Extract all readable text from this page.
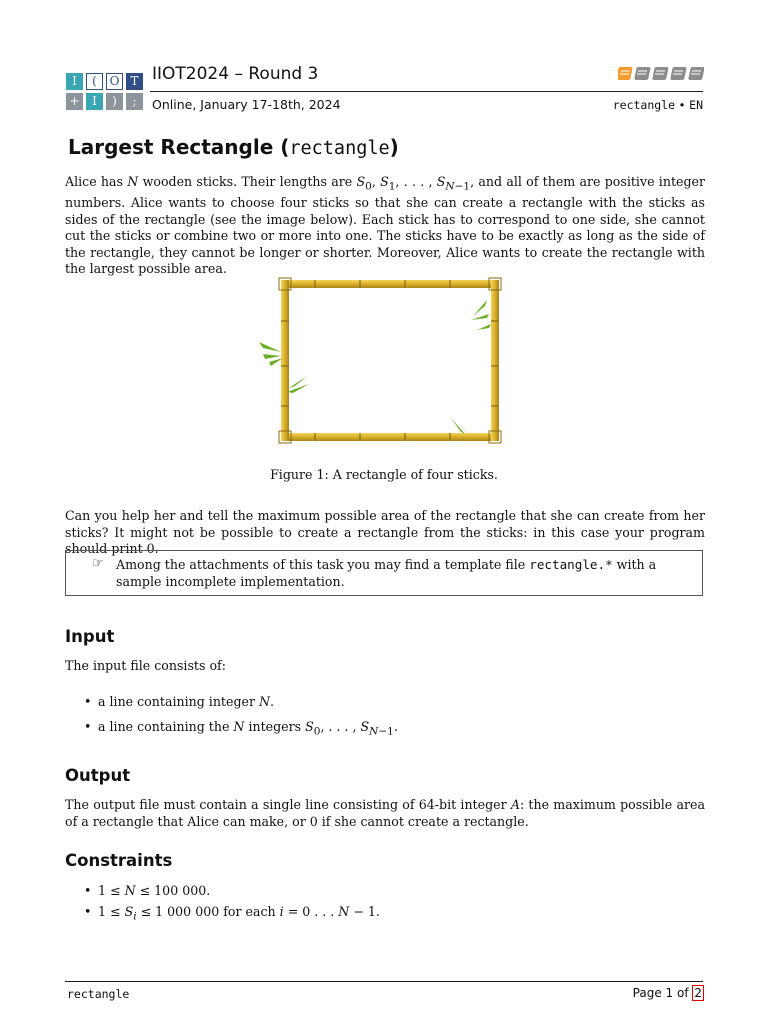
I	(	O T
+	I	)	;
IIOT2024 – Round 3
Online, January 17-18th, 2024	rectangle • EN
Largest Rectangle (rectangle)

Alice has N wooden sticks. Their lengths are $S_0$, $S_1$, . . . , $S_{N-1}$, and all of them are positive integer numbers. Alice wants to choose four sticks so that she can create a rectangle with the sticks as sides of the rectangle (see the image below). Each stick has to correspond to one side, she cannot cut the sticks or combine two or more into one. The sticks have to be exactly as long as the side of the rectangle, they cannot be longer or shorter. Moreover, Alice wants to create the rectangle with the largest possible area.

Figure 1: A rectangle of four sticks.

Can you help her and tell the maximum possible area of the rectangle that she can create from her sticks? It might not be possible to create a rectangle from the sticks: in this case your program should print 0.

☞ Among the attachments of this task you may find a template file rectangle.* with a sample incomplete implementation.
Input

The input file consists of:

• a line containing integer N.
• a line containing the N integers $S_0$, . . . , $S_{N-1}$.
Output

The output file must contain a single line consisting of 64-bit integer A: the maximum possible area of a rectangle that Alice can make, or 0 if she cannot create a rectangle.

Constraints
• 1 ≤ N ≤ 100 000.
• $1 \le S_i \le 1$ 000 000 for each i = 0 . . . N − 1.
rectangle	Page 1 of 2
